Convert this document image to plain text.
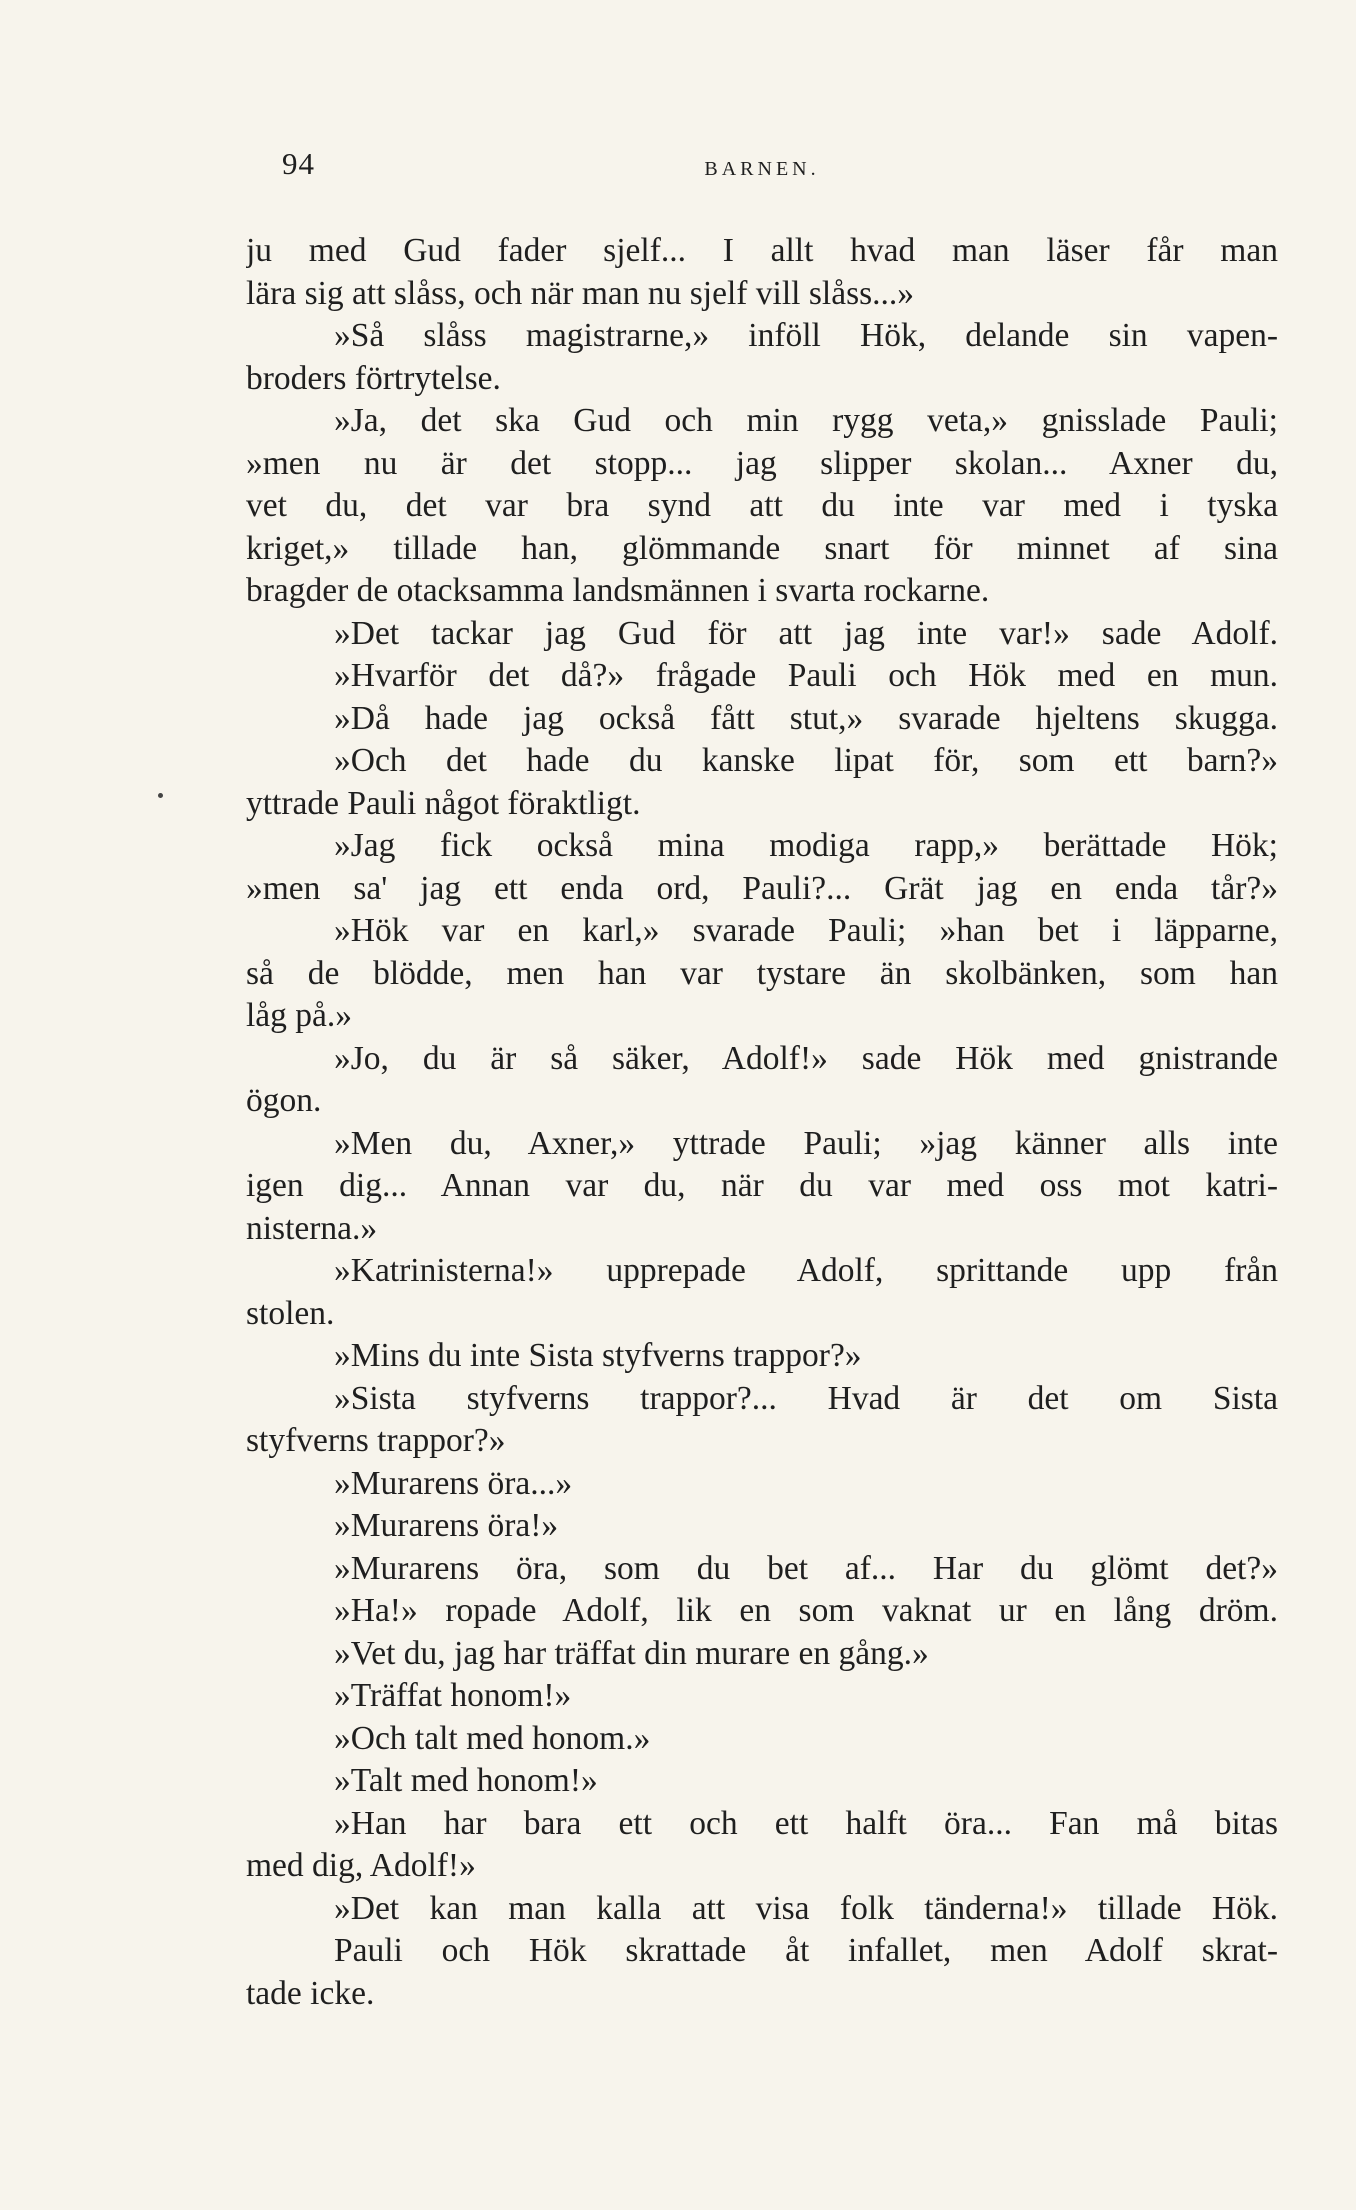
94	BARNEN.
ju med Gud fader sjelf... I allt hvad man läser får man
lära sig att slåss, och när man nu sjelf vill slåss...»
»Så slåss magistrarne,» inföll Hök, delande sin vapen-
broders förtrytelse.
»Ja, det ska Gud och min rygg veta,» gnisslade Pauli;
»men nu är det stopp... jag slipper skolan... Axner du,
vet du, det var bra synd att du inte var med i tyska
kriget,» tillade han, glömmande snart för minnet af sina
bragder de otacksamma landsmännen i svarta rockarne.
»Det tackar jag Gud för att jag inte var!» sade Adolf.
»Hvarför det då?» frågade Pauli och Hök med en mun.
»Då hade jag också fått stut,» svarade hjeltens skugga.
»Och det hade du kanske lipat för, som ett barn?»
yttrade Pauli något föraktligt.
»Jag fick också mina modiga rapp,» berättade Hök;
»men sa' jag ett enda ord, Pauli?... Grät jag en enda tår?»
»Hök var en karl,» svarade Pauli; »han bet i läpparne,
så de blödde, men han var tystare än skolbänken, som han
låg på.»
»Jo, du är så säker, Adolf!» sade Hök med gnistrande
ögon.
»Men du, Axner,» yttrade Pauli; »jag känner alls inte
igen dig... Annan var du, när du var med oss mot katri-
nisterna.»
»Katrinisterna!» upprepade Adolf, sprittande upp från
stolen.
»Mins du inte Sista styfverns trappor?»
»Sista styfverns trappor?... Hvad är det om Sista
styfverns trappor?»
»Murarens öra...»
»Murarens öra!»
»Murarens öra, som du bet af... Har du glömt det?»
»Ha!» ropade Adolf, lik en som vaknat ur en lång dröm.
»Vet du, jag har träffat din murare en gång.»
»Träffat honom!»
»Och talt med honom.»
»Talt med honom!»
»Han har bara ett och ett halft öra... Fan må bitas
med dig, Adolf!»
»Det kan man kalla att visa folk tänderna!» tillade Hök.
Pauli och Hök skrattade åt infallet, men Adolf skrat-
tade icke.
